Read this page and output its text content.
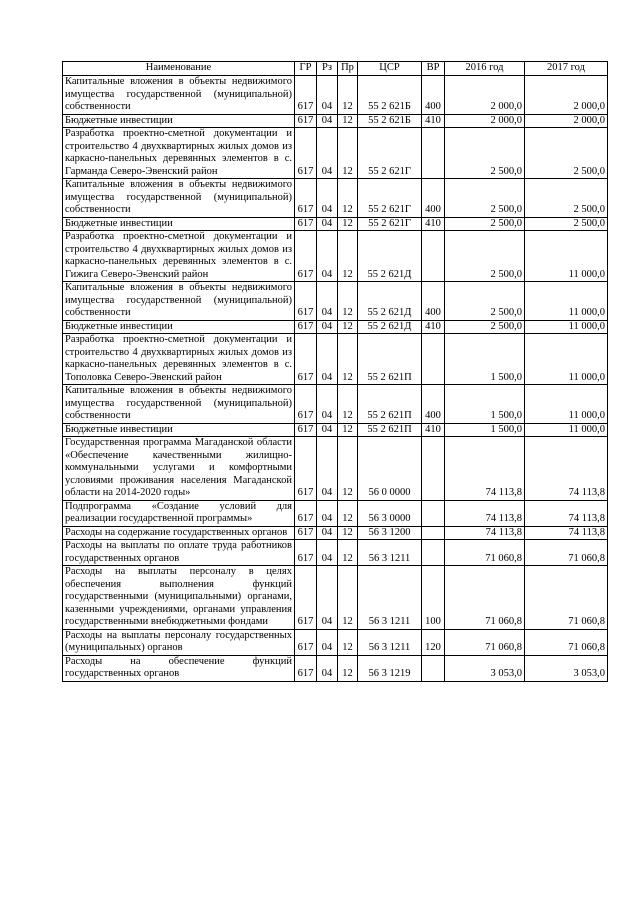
Наименование	ГР	Рз	Пр	ЦСР	ВР	2016 год	2017 год
Капитальные вложения в объекты недвижимого имущества государственной (муниципальной) собственности	617	04	12	55 2 621Б	400	2 000,0	2 000,0
Бюджетные инвестиции	617	04	12	55 2 621Б	410	2 000,0	2 000,0
Разработка проектно-сметной документации и строительство 4 двухквартирных жилых домов из каркасно-панельных деревянных элементов в с. Гарманда Северо-Эвенский район	617	04	12	55 2 621Г		2 500,0	2 500,0
Капитальные вложения в объекты недвижимого имущества государственной (муниципальной) собственности	617	04	12	55 2 621Г	400	2 500,0	2 500,0
Бюджетные инвестиции	617	04	12	55 2 621Г	410	2 500,0	2 500,0
Разработка проектно-сметной документации и строительство 4 двухквартирных жилых домов из каркасно-панельных деревянных элементов в с. Гижига Северо-Эвенский район	617	04	12	55 2 621Д		2 500,0	11 000,0
Капитальные вложения в объекты недвижимого имущества государственной (муниципальной) собственности	617	04	12	55 2 621Д	400	2 500,0	11 000,0
Бюджетные инвестиции	617	04	12	55 2 621Д	410	2 500,0	11 000,0
Разработка проектно-сметной документации и строительство 4 двухквартирных жилых домов из каркасно-панельных деревянных элементов в с. Тополовка Северо-Эвенский район	617	04	12	55 2 621П		1 500,0	11 000,0
Капитальные вложения в объекты недвижимого имущества государственной (муниципальной) собственности	617	04	12	55 2 621П	400	1 500,0	11 000,0
Бюджетные инвестиции	617	04	12	55 2 621П	410	1 500,0	11 000,0
Государственная программа Магаданской области «Обеспечение качественными жилищно-коммунальными услугами и комфортными условиями проживания населения Магаданской области на 2014-2020 годы»	617	04	12	56 0 0000		74 113,8	74 113,8
Подпрограмма «Создание условий для реализации государственной программы»	617	04	12	56 3 0000		74 113,8	74 113,8
Расходы на содержание государственных органов	617	04	12	56 3 1200		74 113,8	74 113,8
Расходы на выплаты по оплате труда работников государственных органов	617	04	12	56 3 1211		71 060,8	71 060,8
Расходы на выплаты персоналу в целях обеспечения выполнения функций государственными (муниципальными) органами, казенными учреждениями, органами управления государственными внебюджетными фондами	617	04	12	56 3 1211	100	71 060,8	71 060,8
Расходы на выплаты персоналу государственных (муниципальных) органов	617	04	12	56 3 1211	120	71 060,8	71 060,8
Расходы на обеспечение функций государственных органов	617	04	12	56 3 1219		3 053,0	3 053,0
